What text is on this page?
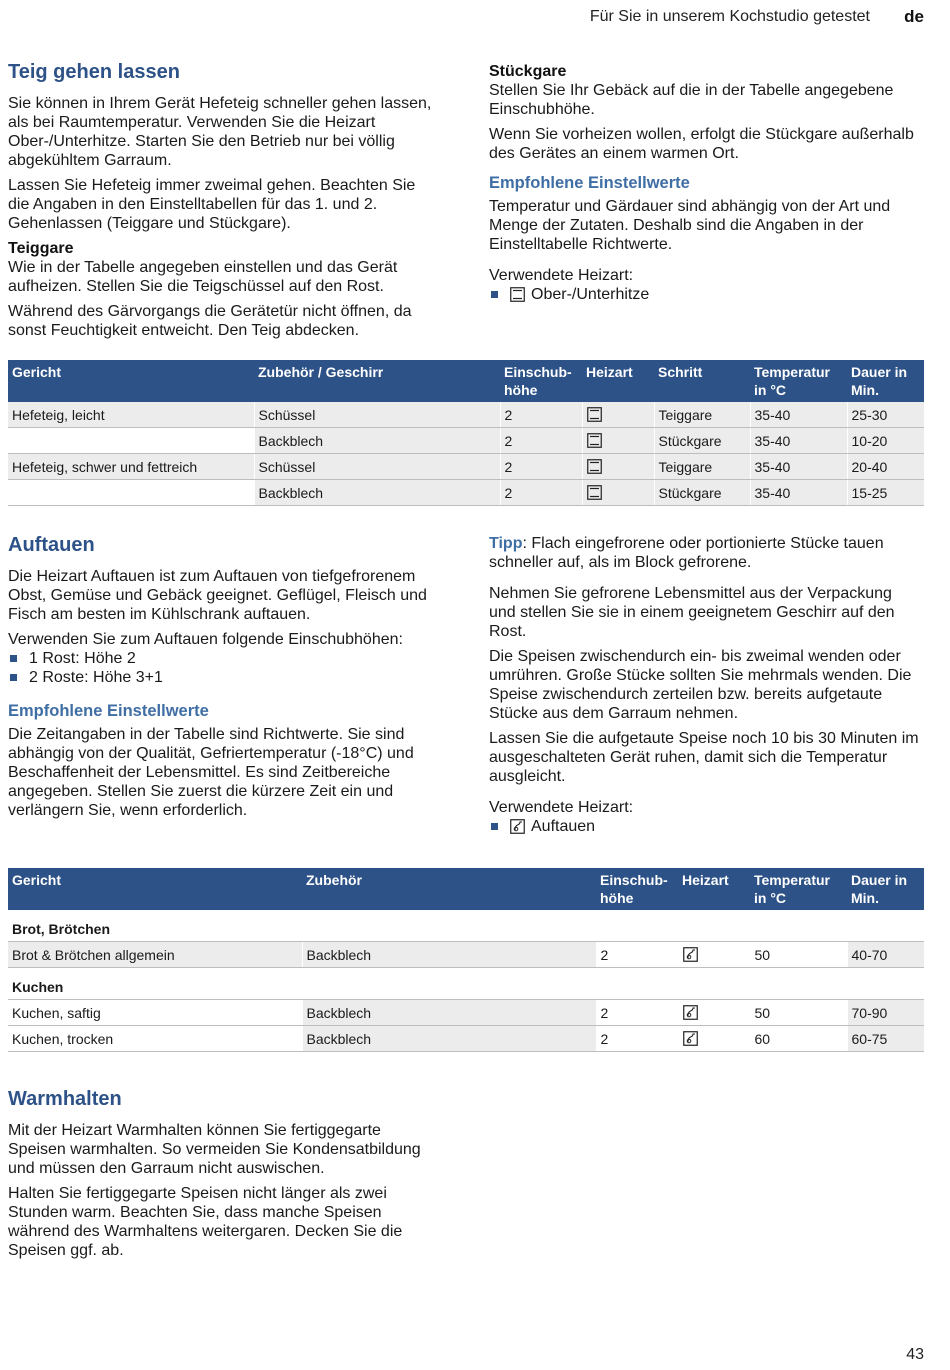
Für Sie in unserem Kochstudio getestet de
Teig gehen lassen

Sie können in Ihrem Gerät Hefeteig schneller gehen lassen, als bei Raumtemperatur. Verwenden Sie die Heizart Ober-/Unterhitze. Starten Sie den Betrieb nur bei völlig abgekühltem Garraum.

Lassen Sie Hefeteig immer zweimal gehen. Beachten Sie die Angaben in den Einstelltabellen für das 1. und 2. Gehenlassen (Teiggare und Stückgare).

Teiggare

Wie in der Tabelle angegeben einstellen und das Gerät aufheizen. Stellen Sie die Teigschüssel auf den Rost.

Während des Gärvorgangs die Gerätetür nicht öffnen, da sonst Feuchtigkeit entweicht. Den Teig abdecken.

Stückgare

Stellen Sie Ihr Gebäck auf die in der Tabelle angegebene Einschubhöhe.

Wenn Sie vorheizen wollen, erfolgt die Stückgare außerhalb des Gerätes an einem warmen Ort.

Empfohlene Einstellwerte

Temperatur und Gärdauer sind abhängig von der Art und Menge der Zutaten. Deshalb sind die Angaben in der Einstelltabelle Richtwerte.

Verwendete Heizart:

Ober-/Unterhitze
Gericht	Zubehör / Geschirr	Einschub-höhe	Heizart	Schritt	Temperatur in °C	Dauer in Min.
Hefeteig, leicht	Schüssel	2		Teiggare	35-40	25-30
	Backblech	2		Stückgare	35-40	10-20
Hefeteig, schwer und fettreich	Schüssel	2		Teiggare	35-40	20-40
	Backblech	2		Stückgare	35-40	15-25
Auftauen

Die Heizart Auftauen ist zum Auftauen von tiefgefrorenem Obst, Gemüse und Gebäck geeignet. Geflügel, Fleisch und Fisch am besten im Kühlschrank auftauen.

Verwenden Sie zum Auftauen folgende Einschubhöhen:

1 Rost: Höhe 2
2 Roste: Höhe 3+1
Empfohlene Einstellwerte

Die Zeitangaben in der Tabelle sind Richtwerte. Sie sind abhängig von der Qualität, Gefriertemperatur (-18°C) und Beschaffenheit der Lebensmittel. Es sind Zeitbereiche angegeben. Stellen Sie zuerst die kürzere Zeit ein und verlängern Sie, wenn erforderlich.

Tipp: Flach eingefrorene oder portionierte Stücke tauen schneller auf, als im Block gefrorene.

Nehmen Sie gefrorene Lebensmittel aus der Verpackung und stellen Sie sie in einem geeignetem Geschirr auf den Rost.

Die Speisen zwischendurch ein- bis zweimal wenden oder umrühren. Große Stücke sollten Sie mehrmals wenden. Die Speise zwischendurch zerteilen bzw. bereits aufgetaute Stücke aus dem Garraum nehmen.

Lassen Sie die aufgetaute Speise noch 10 bis 30 Minuten im ausgeschalteten Gerät ruhen, damit sich die Temperatur ausgleicht.

Verwendete Heizart:

Auftauen
Gericht	Zubehör	Einschub-höhe	Heizart	Temperatur in °C	Dauer in Min.
Brot, Brötchen					
Brot & Brötchen allgemein	Backblech	2		50	40-70
Kuchen					
Kuchen, saftig	Backblech	2		50	70-90
Kuchen, trocken	Backblech	2		60	60-75
Warmhalten

Mit der Heizart Warmhalten können Sie fertiggegarte Speisen warmhalten. So vermeiden Sie Kondensatbildung und müssen den Garraum nicht auswischen.

Halten Sie fertiggegarte Speisen nicht länger als zwei Stunden warm. Beachten Sie, dass manche Speisen während des Warmhaltens weitergaren. Decken Sie die Speisen ggf. ab.

43
